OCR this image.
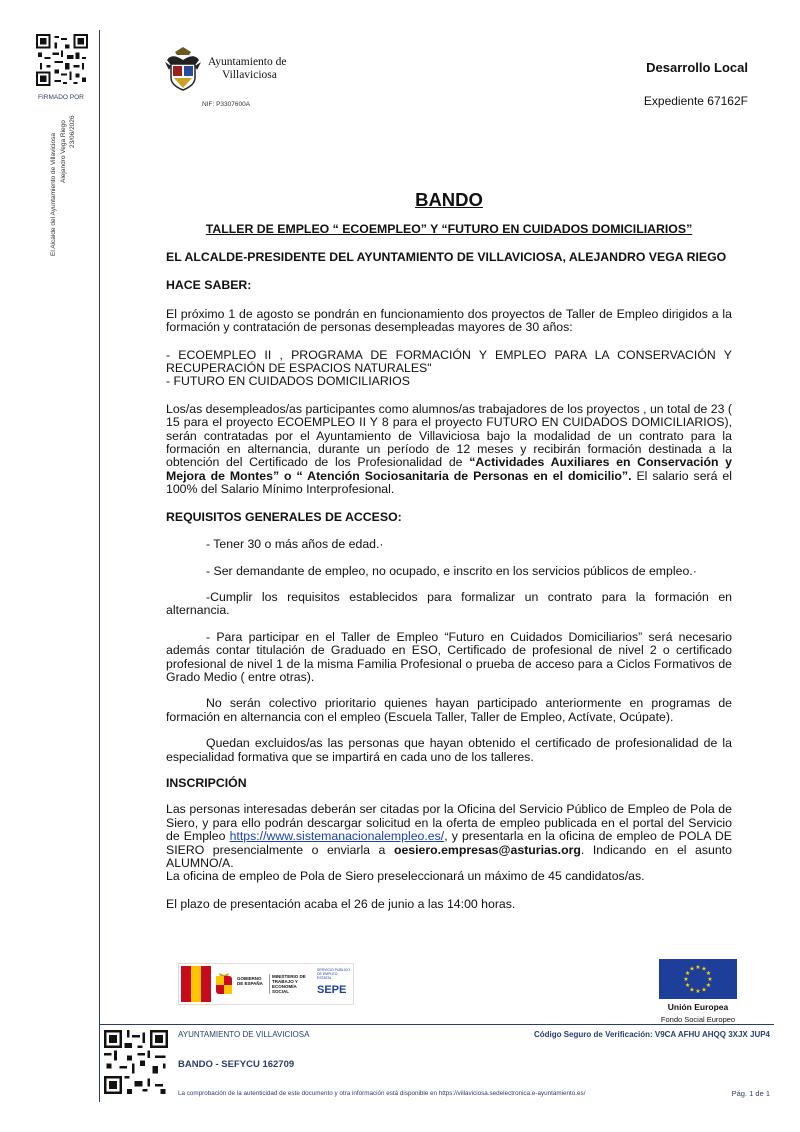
FIRMADO POR
El Alcalde del Ayuntamiento de Villaviciosa Alejandro Vega Riego 23/06/2026
Ayuntamiento de
Villaviciosa
NIF: P3307600A
Desarrollo Local
Expediente 67162F
BANDO
TALLER DE EMPLEO “ ECOEMPLEO” Y “FUTURO EN CUIDADOS DOMICILIARIOS”

EL ALCALDE-PRESIDENTE DEL AYUNTAMIENTO DE VILLAVICIOSA, ALEJANDRO VEGA RIEGO

HACE SABER:

El próximo 1 de agosto se pondrán en funcionamiento dos proyectos de Taller de Empleo dirigidos a la formación y contratación de personas desempleadas mayores de 30 años:

- ECOEMPLEO II , PROGRAMA DE FORMACIÓN Y EMPLEO PARA LA CONSERVACIÓN Y RECUPERACIÓN DE ESPACIOS NATURALES"

- FUTURO EN CUIDADOS DOMICILIARIOS

Los/as desempleados/as participantes como alumnos/as trabajadores de los proyectos , un total de 23 ( 15 para el proyecto ECOEMPLEO II Y 8 para el proyecto FUTURO EN CUIDADOS DOMICILIARIOS), serán contratadas por el Ayuntamiento de Villaviciosa bajo la modalidad de un contrato para la formación en alternancia, durante un período de 12 meses y recibirán formación destinada a la obtención del Certificado de los Profesionalidad de “Actividades Auxiliares en Conservación y Mejora de Montes” o “ Atención Sociosanitaria de Personas en el domicilio”. El salario será el 100% del Salario Mínimo Interprofesional.

REQUISITOS GENERALES DE ACCESO:

- Tener 30 o más años de edad.·

- Ser demandante de empleo, no ocupado, e inscrito en los servicios públicos de empleo.·

-Cumplir los requisitos establecidos para formalizar un contrato para la formación en alternancia.

- Para participar en el Taller de Empleo “Futuro en Cuidados Domiciliarios” será necesario además contar titulación de Graduado en ESO, Certificado de profesional de nivel 2 o certificado profesional de nivel 1 de la misma Familia Profesional o prueba de acceso para a Ciclos Formativos de Grado Medio ( entre otras).

No serán colectivo prioritario quienes hayan participado anteriormente en programas de formación en alternancia con el empleo (Escuela Taller, Taller de Empleo, Actívate, Ocúpate).

Quedan excluidos/as las personas que hayan obtenido el certificado de profesionalidad de la especialidad formativa que se impartirá en cada uno de los talleres.

INSCRIPCIÓN

Las personas interesadas deberán ser citadas por la Oficina del Servicio Público de Empleo de Pola de Siero, y para ello podrán descargar solicitud en la oferta de empleo publicada en el portal del Servicio de Empleo https://www.sistemanacionalempleo.es/, y presentarla en la oficina de empleo de POLA DE SIERO presencialmente o enviarla a oesiero.empresas@asturias.org. Indicando en el asunto ALUMNO/A.

La oficina de empleo de Pola de Siero preseleccionará un máximo de 45 candidatos/as.

El plazo de presentación acaba el 26 de junio a las 14:00 horas.

GOBIERNO DE ESPAÑA
MINISTERIO DE TRABAJO Y ECONOMÍA SOCIAL
SERVICIO PÚBLICO DE EMPLEO ESTATAL
SEPE
★ ★
★
★
★
★
★
★
★
★
★
★
Unión Europea
Fondo Social Europeo
AYUNTAMIENTO DE VILLAVICIOSA	Código Seguro de Verificación: V9CA AFHU AHQQ 3XJX JUP4
BANDO - SEFYCU 162709
La comprobación de la autenticidad de este documento y otra información está disponible en https://villaviciosa.sedelectronica.e-ayuntamiento.es/	Pág. 1 de 1
